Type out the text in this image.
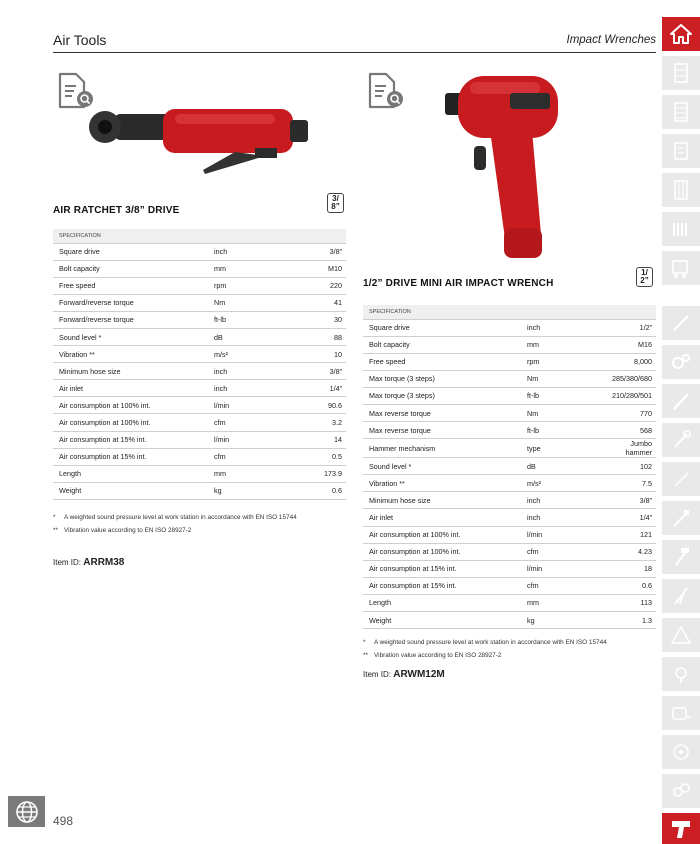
Air Tools	Impact Wrenches
AIR RATCHET 3/8” DRIVE
3/
8”
SPECIFICATION		
Square drive	inch	3/8”
Bolt capacity	mm	M10
Free speed	rpm	220
Forward/reverse torque	Nm	41
Forward/reverse torque	ft-lb	30
Sound level *	dB	88
Vibration **	m/s²	10
Minimum hose size	inch	3/8”
Air inlet	inch	1/4”
Air consumption at 100% int.	l/min	90.6
Air consumption at 100% int.	cfm	3.2
Air consumption at 15% int.	l/min	14
Air consumption at 15% int.	cfm	0.5
Length	mm	173.9
Weight	kg	0.6
* A weighted sound pressure level at work station in accordance with EN ISO 15744
** Vibration value according to EN ISO 28927-2
Item ID: ARRM38
1/2” DRIVE MINI AIR IMPACT WRENCH
1/
2”
SPECIFICATION		
Square drive	inch	1/2”
Bolt capacity	mm	M16
Free speed	rpm	8,000
Max torque (3 steps)	Nm	285/380/680
Max torque (3 steps)	ft-lb	210/280/501
Max reverse torque	Nm	770
Max reverse torque	ft-lb	568
Hammer mechanism	type	Jumbo hammer
Sound level *	dB	102
Vibration **	m/s²	7.5
Minimum hose size	inch	3/8”
Air inlet	inch	1/4”
Air consumption at 100% int.	l/min	121
Air consumption at 100% int.	cfm	4.23
Air consumption at 15% int.	l/min	18
Air consumption at 15% int.	cfm	0.6
Length	mm	113
Weight	kg	1.3
* A weighted sound pressure level at work station in accordance with EN ISO 15744
** Vibration value according to EN ISO 28927-2
Item ID: ARWM12M
498
